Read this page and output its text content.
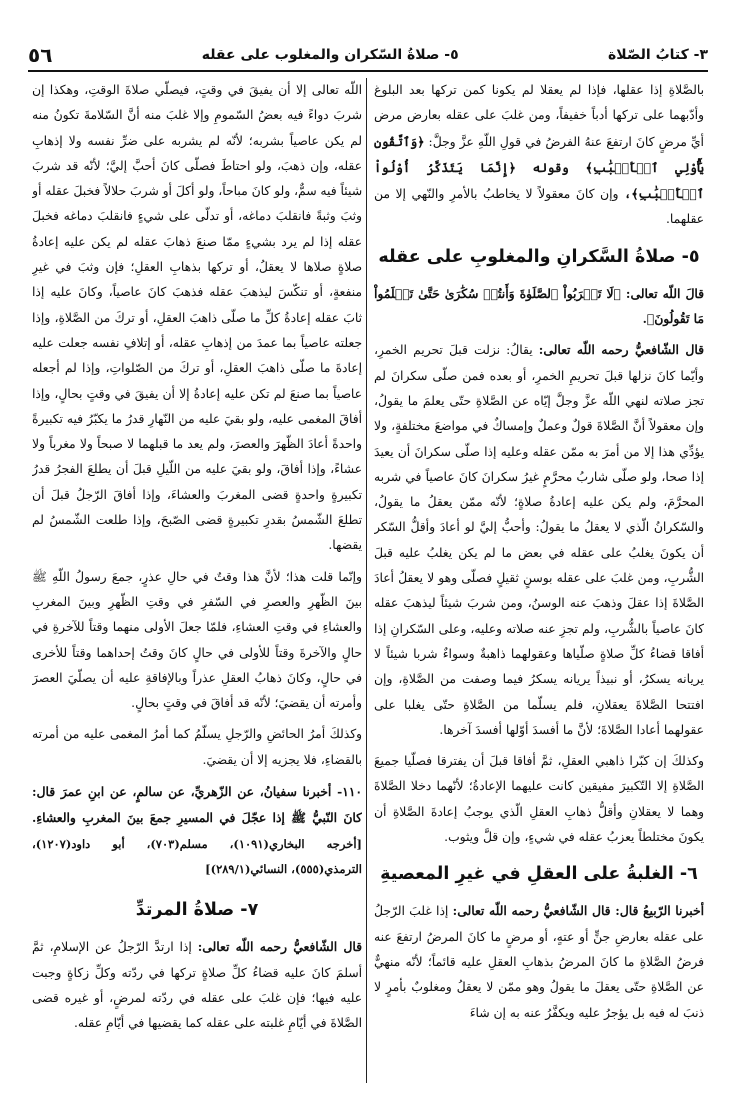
٣- كتابُ الصّلاة
٥- صلاةُ السّكران والمغلوب على عقله
٥٦

بالصَّلاةِ إذا عقلها، فإذا لم يعقلا لم يكونا كمن تركها بعد البلوغ وأدّبهما على تركها أدباً خفيفاً، ومن غلبَ على عقله بعارض مرض أيِّ مرضٍ كانَ ارتفعَ عنهُ الفرضُ في قولِ اللّهِ عزَّ وجلَّ: ﴿وَٱتَّقُونِ يَٰٓأُوْلِي ٱلۡأَلۡبَٰبِ﴾ وقوله ﴿إِنَّمَا يَتَذَكَّرُ أُوْلُواْ ٱلۡأَلۡبَٰبِ﴾، وإن كانَ معقولاً لا يخاطبُ بالأمرِ والنّهي إلا من عقلهما.

٥- صلاةُ السَّكرانِ والمغلوبِ على عقله

قالَ اللّه تعالى: ﴿لَا تَقۡرَبُواْ ٱلصَّلَوٰةَ وَأَنتُمۡ سُكَٰرَىٰ حَتَّىٰ تَعۡلَمُواْ مَا تَقُولُونَ﴾.

قال الشّافعيُّ رحمه اللّه تعالى: يقالُ: نزلت قبلَ تحريم الخمرِ، وأيّما كانَ نزلها قبلَ تحريمِ الخمرِ، أو بعده فمن صلّى سكرانَ لم تجز صلاته لنهي اللّه عزَّ وجلَّ إيّاه عن الصَّلاةِ حتّى يعلمَ ما يقولُ، وإن معقولاً أنَّ الصَّلاةَ قولٌ وعملٌ وإمساكٌ في مواضعَ مختلفةٍ، ولا يؤدِّي هذا إلا من أمرَ به ممّن عقله وعليه إذا صلّى سكرانَ أن يعيدَ إذا صحا، ولو صلّى شاربُ محرَّمٍ غيرُ سكرانَ كانَ عاصياً في شربه المحرَّمَ، ولم يكن عليه إعادةُ صلاةٍ؛ لأنّه ممّن يعقلُ ما يقولُ، والسّكرانُ الّذي لا يعقلُ ما يقولُ: وأحبُّ إليَّ لو أعادَ وأقلُّ السّكر أن يكونَ يغلبُ على عقله في بعض ما لم يكن يغلبُ عليه قبلَ الشُّربِ، ومن غلبَ على عقله بوسنٍ ثقيلٍ فصلّى وهو لا يعقلُ أعادَ الصَّلاةَ إذا عقلَ وذهبَ عنه الوسنُ، ومن شربَ شيئاً ليذهبَ عقله كانَ عاصياً بالشُّربِ، ولم تجزِ عنه صلاته وعليه، وعلى السّكرانِ إذا أفاقا قضاءُ كلِّ صلاةٍ صلّياها وعقولهما ذاهبةٌ وسواءٌ شربا شيئاً لا يريانه يسكرُ، أو نبيذاً يريانه يسكرُ فيما وصفت من الصَّلاةِ، وإن افتتحا الصَّلاةَ يعقلانِ، فلم يسلّما من الصَّلاةِ حتّى يغلبا على عقولهما أعادا الصَّلاةَ؛ لأنَّ ما أفسدَ أوّلها أفسدَ آخرها.

وكذلكَ إن كبّرا ذاهبي العقلِ، ثمَّ أفاقا قبلَ أن يفترقا فصلّيا جميعَ الصَّلاةِ إلا التّكبيرَ مفيقين كانت عليهما الإعادةُ؛ لأنّهما دخلا الصَّلاةَ وهما لا يعقلانِ وأقلُّ ذهابِ العقلِ الّذي يوجبُ إعادةَ الصَّلاةِ أن يكونَ مختلطاً يعزبُ عقله في شيءٍ، وإن قلَّ ويثوب.

٦- الغلبةُ على العقلِ في غيرِ المعصيةِ

أخبرنا الرّبيعُ قال: قال الشّافعيُّ رحمه اللّه تعالى: إذا غلبَ الرّجلُ على عقله بعارضِ جنٍّ أو عتهٍ، أو مرضٍ ما كانَ المرضُ ارتفعَ عنه فرضُ الصَّلاةِ ما كانَ المرضُ بذهابِ العقلِ عليه قائماً؛ لأنّه منهيٌّ عن الصَّلاةِ حتّى يعقلَ ما يقولُ وهو ممّن لا يعقلُ ومغلوبٌ بأمرٍ لا ذنبَ له فيه بل يؤجرُ عليه ويكفَّرُ عنه به إن شاءَ

اللّه تعالى إلا أن يفيقَ في وقتٍ، فيصلّي صلاةَ الوقتِ، وهكذا إن شربَ دواءً فيه بعضُ السّمومِ وإلا غلبَ منه أنَّ السّلامةَ تكونُ منه لم يكن عاصياً بشربه؛ لأنّه لم يشربه على ضرِّ نفسه ولا إذهابِ عقله، وإن ذهبَ، ولو احتاطَ فصلّى كانَ أحبَّ إليَّ؛ لأنّه قد شربَ شيئاً فيه سمٌّ، ولو كانَ مباحاً، ولو أكلَ أو شربَ حلالاً فخبلَ عقله أو وثبَ وثبةً فانقلبَ دماغه، أو تدلّى على شيءٍ فانقلبَ دماغه فخبلَ عقله إذا لم يرد بشيءٍ ممّا صنعَ ذهابَ عقله لم يكن عليه إعادةُ صلاةٍ صلاها لا يعقلُ، أو تركها بذهابِ العقلِ؛ فإن وثبَ في غيرِ منفعةٍ، أو تنكّسَ ليذهبَ عقله فذهبَ كانَ عاصياً، وكانَ عليه إذا ثابَ عقله إعادةُ كلِّ ما صلّى ذاهبَ العقلِ، أو تركَ من الصَّلاةِ، وإذا جعلته عاصياً بما عمدَ من إذهابِ عقله، أو إتلافِ نفسه جعلت عليه إعادةَ ما صلّى ذاهبَ العقلِ، أو تركَ من الصّلواتِ، وإذا لم أجعله عاصياً بما صنعَ لم تكن عليه إعادةُ إلا أن يفيقَ في وقتٍ بحالٍ، وإذا أفاقَ المغمى عليه، ولو بقيَ عليه من النّهارِ قدرُ ما يكبّرُ فيه تكبيرةً واحدةً أعادَ الظّهرَ والعصرَ، ولم يعد ما قبلهما لا صبحاً ولا مغرباً ولا عشاءً، وإذا أفاقَ، ولو بقيَ عليه من اللّيلِ قبلَ أن يطلعَ الفجرُ قدرُ تكبيرةٍ واحدةٍ قضى المغربَ والعشاءَ، وإذا أفاقَ الرّجلُ قبلَ أن تطلعَ الشّمسُ بقدرِ تكبيرةٍ قضى الصّبحَ، وإذا طلعت الشّمسُ لم يقضها.

وإنّما قلت هذا؛ لأنَّ هذا وقتٌ في حالِ عذرٍ، جمعَ رسولُ اللّهِ ﷺ بينَ الظّهرِ والعصرِ في السّفرِ في وقتِ الظّهرِ وبينَ المغربِ والعشاءِ في وقتِ العشاءِ، فلمّا جعلَ الأولى منهما وقتاً للآخرةِ في حالٍ والآخرةَ وقتاً للأولى في حالٍ كانَ وقتُ إحداهما وقتاً للأخرى في حالٍ، وكانَ ذهابُ العقلِ عذراً وبالإفاقةِ عليه أن يصلّيَ العصرَ وأمرته أن يقضيَ؛ لأنّه قد أفاقَ في وقتٍ بحالٍ.

وكذلكَ أمرُ الحائضِ والرّجلِ يسلّمُ كما أمرُ المغمى عليه من أمرته بالقضاءِ، فلا يجزيه إلا أن يقضيَ.

١١٠- أخبرنا سفيانُ، عن الزّهريِّ، عن سالمٍ، عن ابنِ عمرَ قال: كانَ النّبيُّ ﷺ إذا عجّلَ في المسيرِ جمعَ بينَ المغربِ والعشاءِ. [أخرجه البخاري(١٠٩١)، مسلم(٧٠٣)، أبو داود(١٢٠٧)، الترمذي(٥٥٥)، النسائي(٢٨٩/١)]

٧- صلاةُ المرتدِّ

قال الشّافعيُّ رحمه اللّه تعالى: إذا ارتدَّ الرّجلُ عن الإسلامِ، ثمَّ أسلمَ كانَ عليه قضاءُ كلِّ صلاةٍ تركها في ردّته وكلِّ زكاةٍ وجبت عليه فيها؛ فإن غلبَ على عقله في ردّته لمرضٍ، أو غيره قضى الصَّلاةَ في أيّامِ غلبته على عقله كما يقضيها في أيّامِ عقله.
